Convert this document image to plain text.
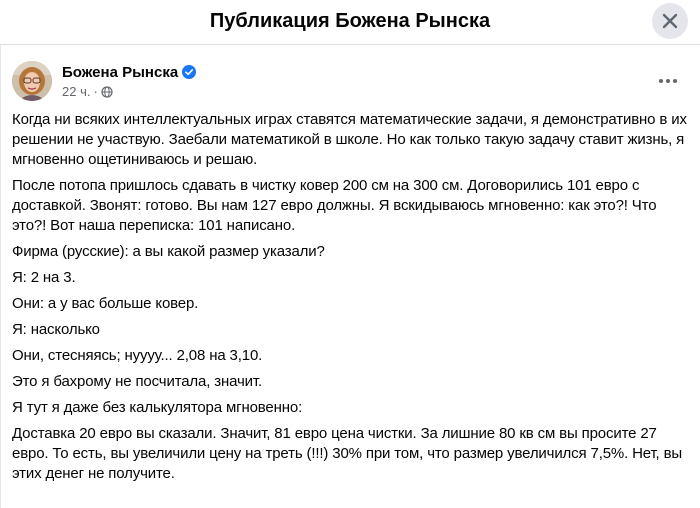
Публикация Божена Рынска
Божена Рынска
22 ч. ·

Когда ни всяких интеллектуальных играх ставятся математические задачи, я демонстративно в их решении не участвую. Заебали математикой в школе. Но как только такую задачу ставит жизнь, я мгновенно ощетиниваюсь и решаю.

После потопа пришлось сдавать в чистку ковер 200 см на 300 см. Договорились 101 евро с доставкой. Звонят: готово. Вы нам 127 евро должны. Я вскидываюсь мгновенно: как это?! Что это?! Вот наша переписка: 101 написано.

Фирма (русские): а вы какой размер указали?

Я: 2 на 3.

Они: а у вас больше ковер.

Я: насколько

Они, стесняясь; нуууу... 2,08 на 3,10.

Это я бахрому не посчитала, значит.

Я тут я даже без калькулятора мгновенно:

Доставка 20 евро вы сказали. Значит, 81 евро цена чистки. За лишние 80 кв см вы просите 27 евро. То есть, вы увеличили цену на треть (!!!) 30% при том, что размер увеличился 7,5%. Нет, вы этих денег не получите.
